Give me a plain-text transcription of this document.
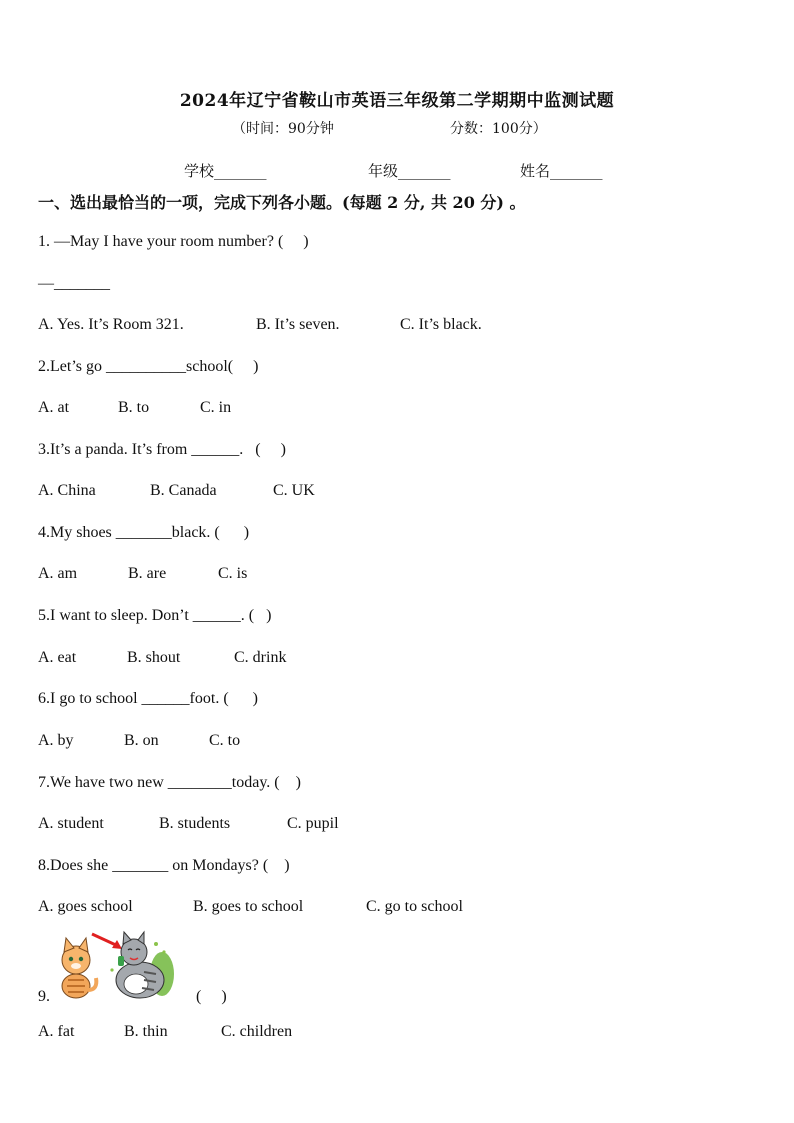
2024年辽宁省鞍山市英语三年级第二学期期中监测试题
（时间：90分钟	分数：100分）
学校_______	年级_______	姓名_______
一、选出最恰当的一项，完成下列各小题。(每题 2 分, 共 20 分) 。
1. —May I have your room number? (     )
—_______
A. Yes. It’s Room 321.	B. It’s seven.	C. It’s black.
2.Let’s go __________school(     )
A. at	B. to	C. in
3.It’s a panda. It’s from ______.   (     )
A. China	B. Canada	C. UK
4.My shoes _______black. (      )
A. am	B. are	C. is
5.I want to sleep. Don’t ______. (   )
A. eat	B. shout	C. drink
6.I go to school ______foot. (      )
A. by	B. on	C. to
7.We have two new ________today. (    )
A. student	B. students	C. pupil
8.Does she _______ on Mondays? (    )
A. goes school	B. goes to school	C. go to school
9.	(     )
A. fat	B. thin	C. children
